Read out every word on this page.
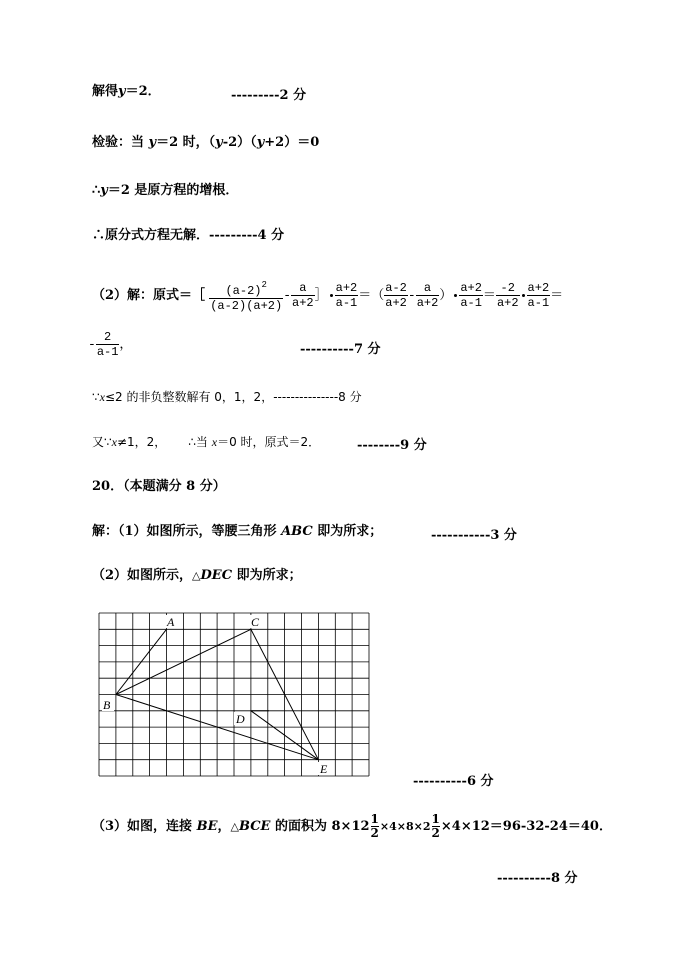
解得y＝2．	---------2 分
检验：当 y＝2 时，（y-2）（y+2）＝0
∴y＝2 是原方程的增根．
∴原分式方程无解．---------4 分
（2）解：原式＝［ $\frac{(a-2)^2}{(a-2)(a+2)} - \frac{a}{a+2}$ ］ $\frac{a+2}{a-1}$ ＝（ $\frac{a-2}{a+2} - \frac{a}{a+2}$ ） $\frac{a+2}{a-1} = \frac{-2}{a+2} \frac{a+2}{a-1}$ ＝
- $\frac{2}{a-1}$ ，	----------7 分
∵x≤2 的非负整数解有 0，1，2，---------------8 分
又∵x≠1，2， ∴当 x＝0 时，原式＝2．	--------9 分
20．（本题满分 8 分）
解：（1）如图所示，等腰三角形 ABC 即为所求；	-----------3 分
（2）如图所示，△DEC 即为所求；
A	C
B
D
E
----------6 分
（3）如图，连接 BE，△BCE 的面积为 $8\times 12 \frac{1}{2} \times 4\times 8\times 2 \frac{1}{2} \times 4\times 12=96-32-24=40$．
----------8 分
